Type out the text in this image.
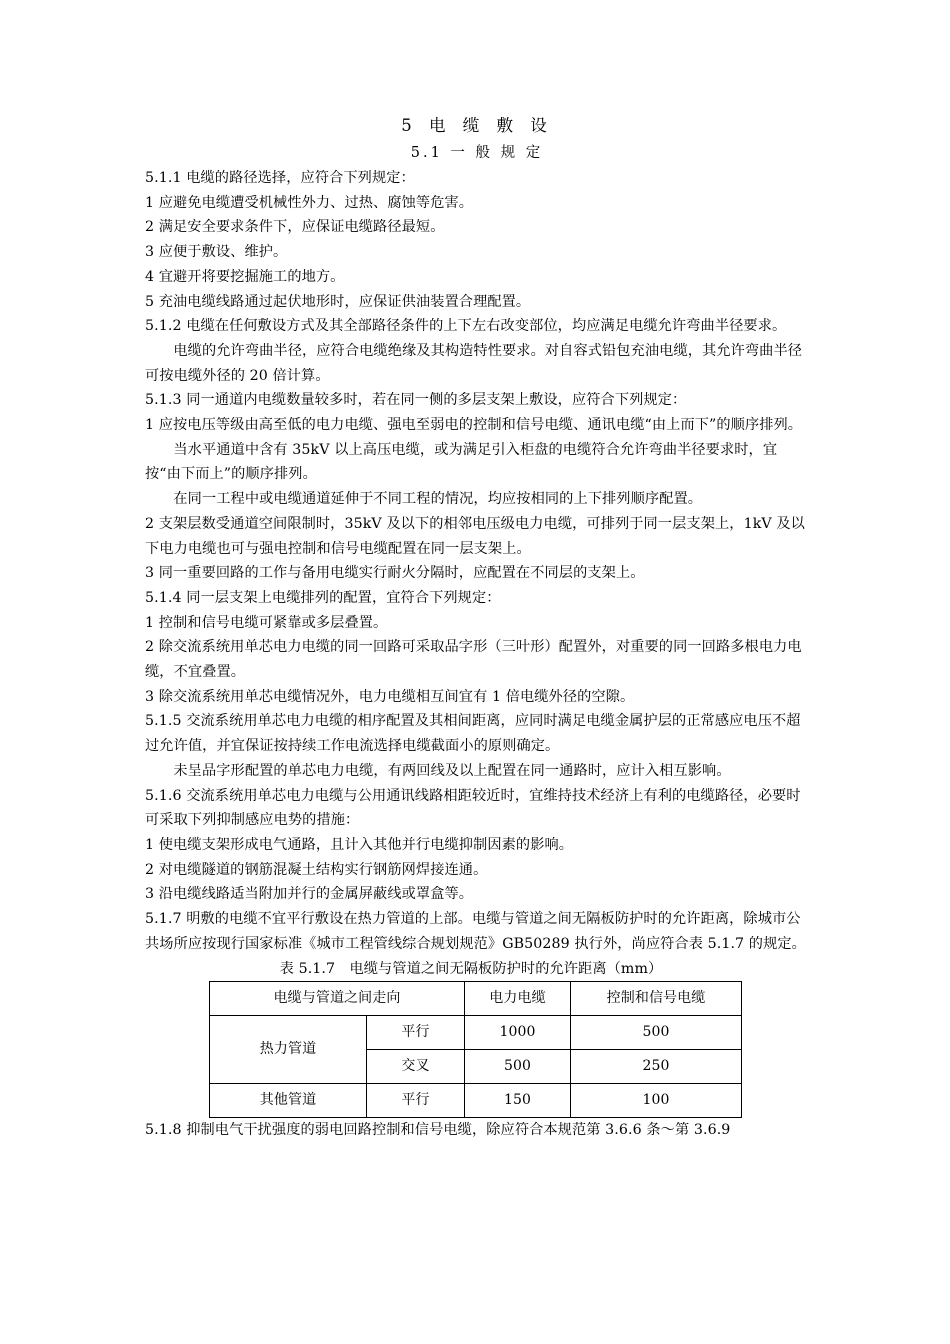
5 电 缆 敷 设
5.1 一 般 规 定
5.1.1 电缆的路径选择，应符合下列规定：
1 应避免电缆遭受机械性外力、过热、腐蚀等危害。
2 满足安全要求条件下，应保证电缆路径最短。
3 应便于敷设、维护。
4 宜避开将要挖掘施工的地方。
5 充油电缆线路通过起伏地形时，应保证供油装置合理配置。
5.1.2 电缆在任何敷设方式及其全部路径条件的上下左右改变部位，均应满足电缆允许弯曲半径要求。
电缆的允许弯曲半径，应符合电缆绝缘及其构造特性要求。对自容式铅包充油电缆，其允许弯曲半径可按电缆外径的 20 倍计算。
5.1.3 同一通道内电缆数量较多时，若在同一侧的多层支架上敷设，应符合下列规定：
1 应按电压等级由高至低的电力电缆、强电至弱电的控制和信号电缆、通讯电缆“由上而下”的顺序排列。
当水平通道中含有 35kV 以上高压电缆，或为满足引入柜盘的电缆符合允许弯曲半径要求时，宜按“由下而上”的顺序排列。
在同一工程中或电缆通道延伸于不同工程的情况，均应按相同的上下排列顺序配置。
2 支架层数受通道空间限制时，35kV 及以下的相邻电压级电力电缆，可排列于同一层支架上，1kV 及以下电力电缆也可与强电控制和信号电缆配置在同一层支架上。
3 同一重要回路的工作与备用电缆实行耐火分隔时，应配置在不同层的支架上。
5.1.4 同一层支架上电缆排列的配置，宜符合下列规定：
1 控制和信号电缆可紧靠或多层叠置。
2 除交流系统用单芯电力电缆的同一回路可采取品字形（三叶形）配置外，对重要的同一回路多根电力电缆，不宜叠置。
3 除交流系统用单芯电缆情况外，电力电缆相互间宜有 1 倍电缆外径的空隙。
5.1.5 交流系统用单芯电力电缆的相序配置及其相间距离，应同时满足电缆金属护层的正常感应电压不超过允许值，并宜保证按持续工作电流选择电缆截面小的原则确定。
未呈品字形配置的单芯电力电缆，有两回线及以上配置在同一通路时，应计入相互影响。
5.1.6 交流系统用单芯电力电缆与公用通讯线路相距较近时，宜维持技术经济上有利的电缆路径，必要时可采取下列抑制感应电势的措施：
1 使电缆支架形成电气通路，且计入其他并行电缆抑制因素的影响。
2 对电缆隧道的钢筋混凝土结构实行钢筋网焊接连通。
3 沿电缆线路适当附加并行的金属屏蔽线或罩盒等。
5.1.7 明敷的电缆不宜平行敷设在热力管道的上部。电缆与管道之间无隔板防护时的允许距离，除城市公共场所应按现行国家标准《城市工程管线综合规划规范》GB50289 执行外，尚应符合表 5.1.7 的规定。
表 5.1.7　电缆与管道之间无隔板防护时的允许距离（mm）
电缆与管道之间走向		电力电缆	控制和信号电缆
热力管道	平行	1000	500
	交叉	500	250
其他管道	平行	150	100
5.1.8 抑制电气干扰强度的弱电回路控制和信号电缆，除应符合本规范第 3.6.6 条～第 3.6.9
